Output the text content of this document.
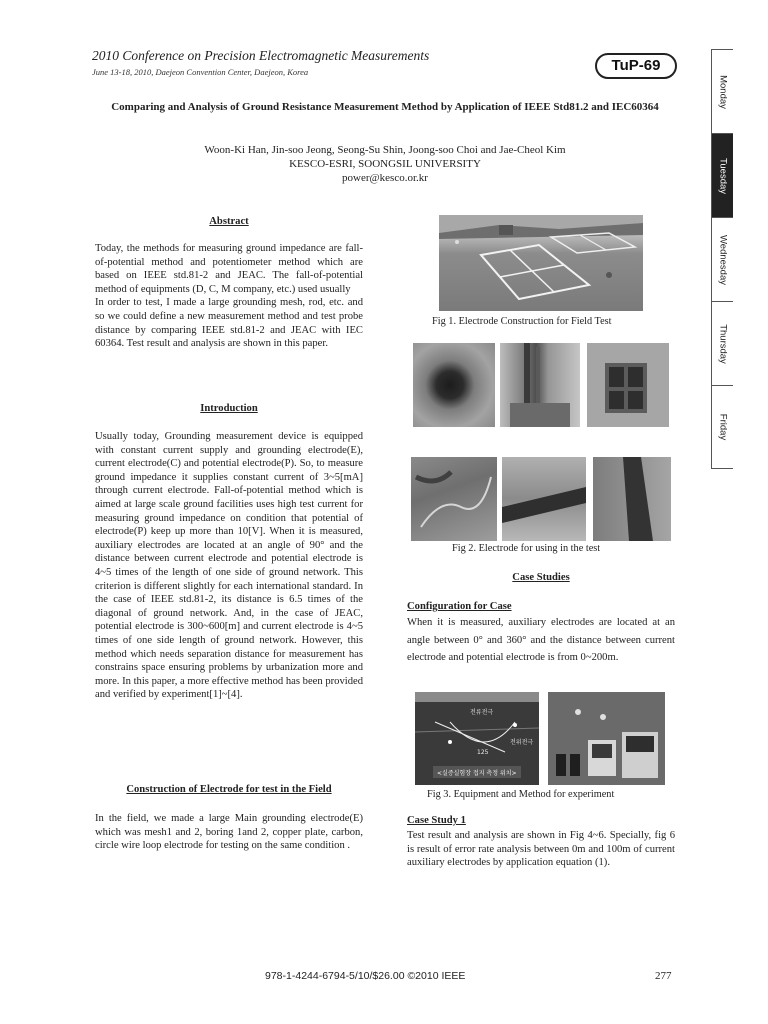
2010 Conference on Precision Electromagnetic Measurements
June 13-18, 2010, Daejeon Convention Center, Daejeon, Korea	TuP-69
Monday
Tuesday
Wednesday
Thursday
Friday
Comparing and Analysis of Ground Resistance Measurement Method by Application of IEEE Std81.2 and IEC60364
Woon-Ki Han, Jin-soo Jeong, Seong-Su Shin, Joong-soo Choi and Jae-Cheol Kim
KESCO-ESRI, SOONGSIL UNIVERSITY
power@kesco.or.kr
Abstract

Today, the methods for measuring ground impedance are fall-of-potential method and potentiometer method which are based on IEEE std.81-2 and JEAC. The fall-of-potential method of equipments (D, C, M company, etc.) used usually

In order to test, I made a large grounding mesh, rod, etc. and so we could define a new measurement method and test probe distance by comparing IEEE std.81-2 and JEAC with IEC 60364. Test result and analysis are shown in this paper.

Introduction

Usually today, Grounding measurement device is equipped with constant current supply and grounding electrode(E), current electrode(C) and potential electrode(P). So, to measure ground impedance it supplies constant current of 3~5[mA] through current electrode. Fall-of-potential method which is aimed at large scale ground facilities uses high test current for measuring ground impedance on condition that potential of electrode(P) keep up more than 10[V]. When it is measured, auxiliary electrodes are located at an angle of 90° and the distance between current electrode and potential electrode is 4~5 times of the length of one side of ground network. This criterion is different slightly for each international standard. In the case of IEEE std.81-2, its distance is 6.5 times of the diagonal of ground network. And, in the case of JEAC, potential electrode is 300~600[m] and current electrode is 4~5 times of one side length of ground network. However, this method which needs separation distance for measurement has constrains space ensuring problems by urbanization more and more. In this paper, a more effective method has been provided and verified by experiment[1]~[4].

Construction of Electrode for test in the Field

In the field, we made a large Main grounding electrode(E) which was mesh1 and 2, boring 1and 2, copper plate, carbon, circle wire loop electrode for testing on the same condition .

Fig 1. Electrode Construction for Field Test
Fig 2. Electrode for using in the test
Case Studies
Configuration for Case

When it is measured, auxiliary electrodes are located at an angle between 0° and 360° and the distance between current electrode and potential electrode is from 0~200m.

전류전극
전위전극
125
<실증실험장 접지 측정 위치>
Fig 3. Equipment and Method for experiment
Case Study 1

Test result and analysis are shown in Fig 4~6. Specially, fig 6 is result of error rate analysis between 0m and 100m of current auxiliary electrodes by application equation (1).

978-1-4244-6794-5/10/$26.00 ©2010 IEEE	277
